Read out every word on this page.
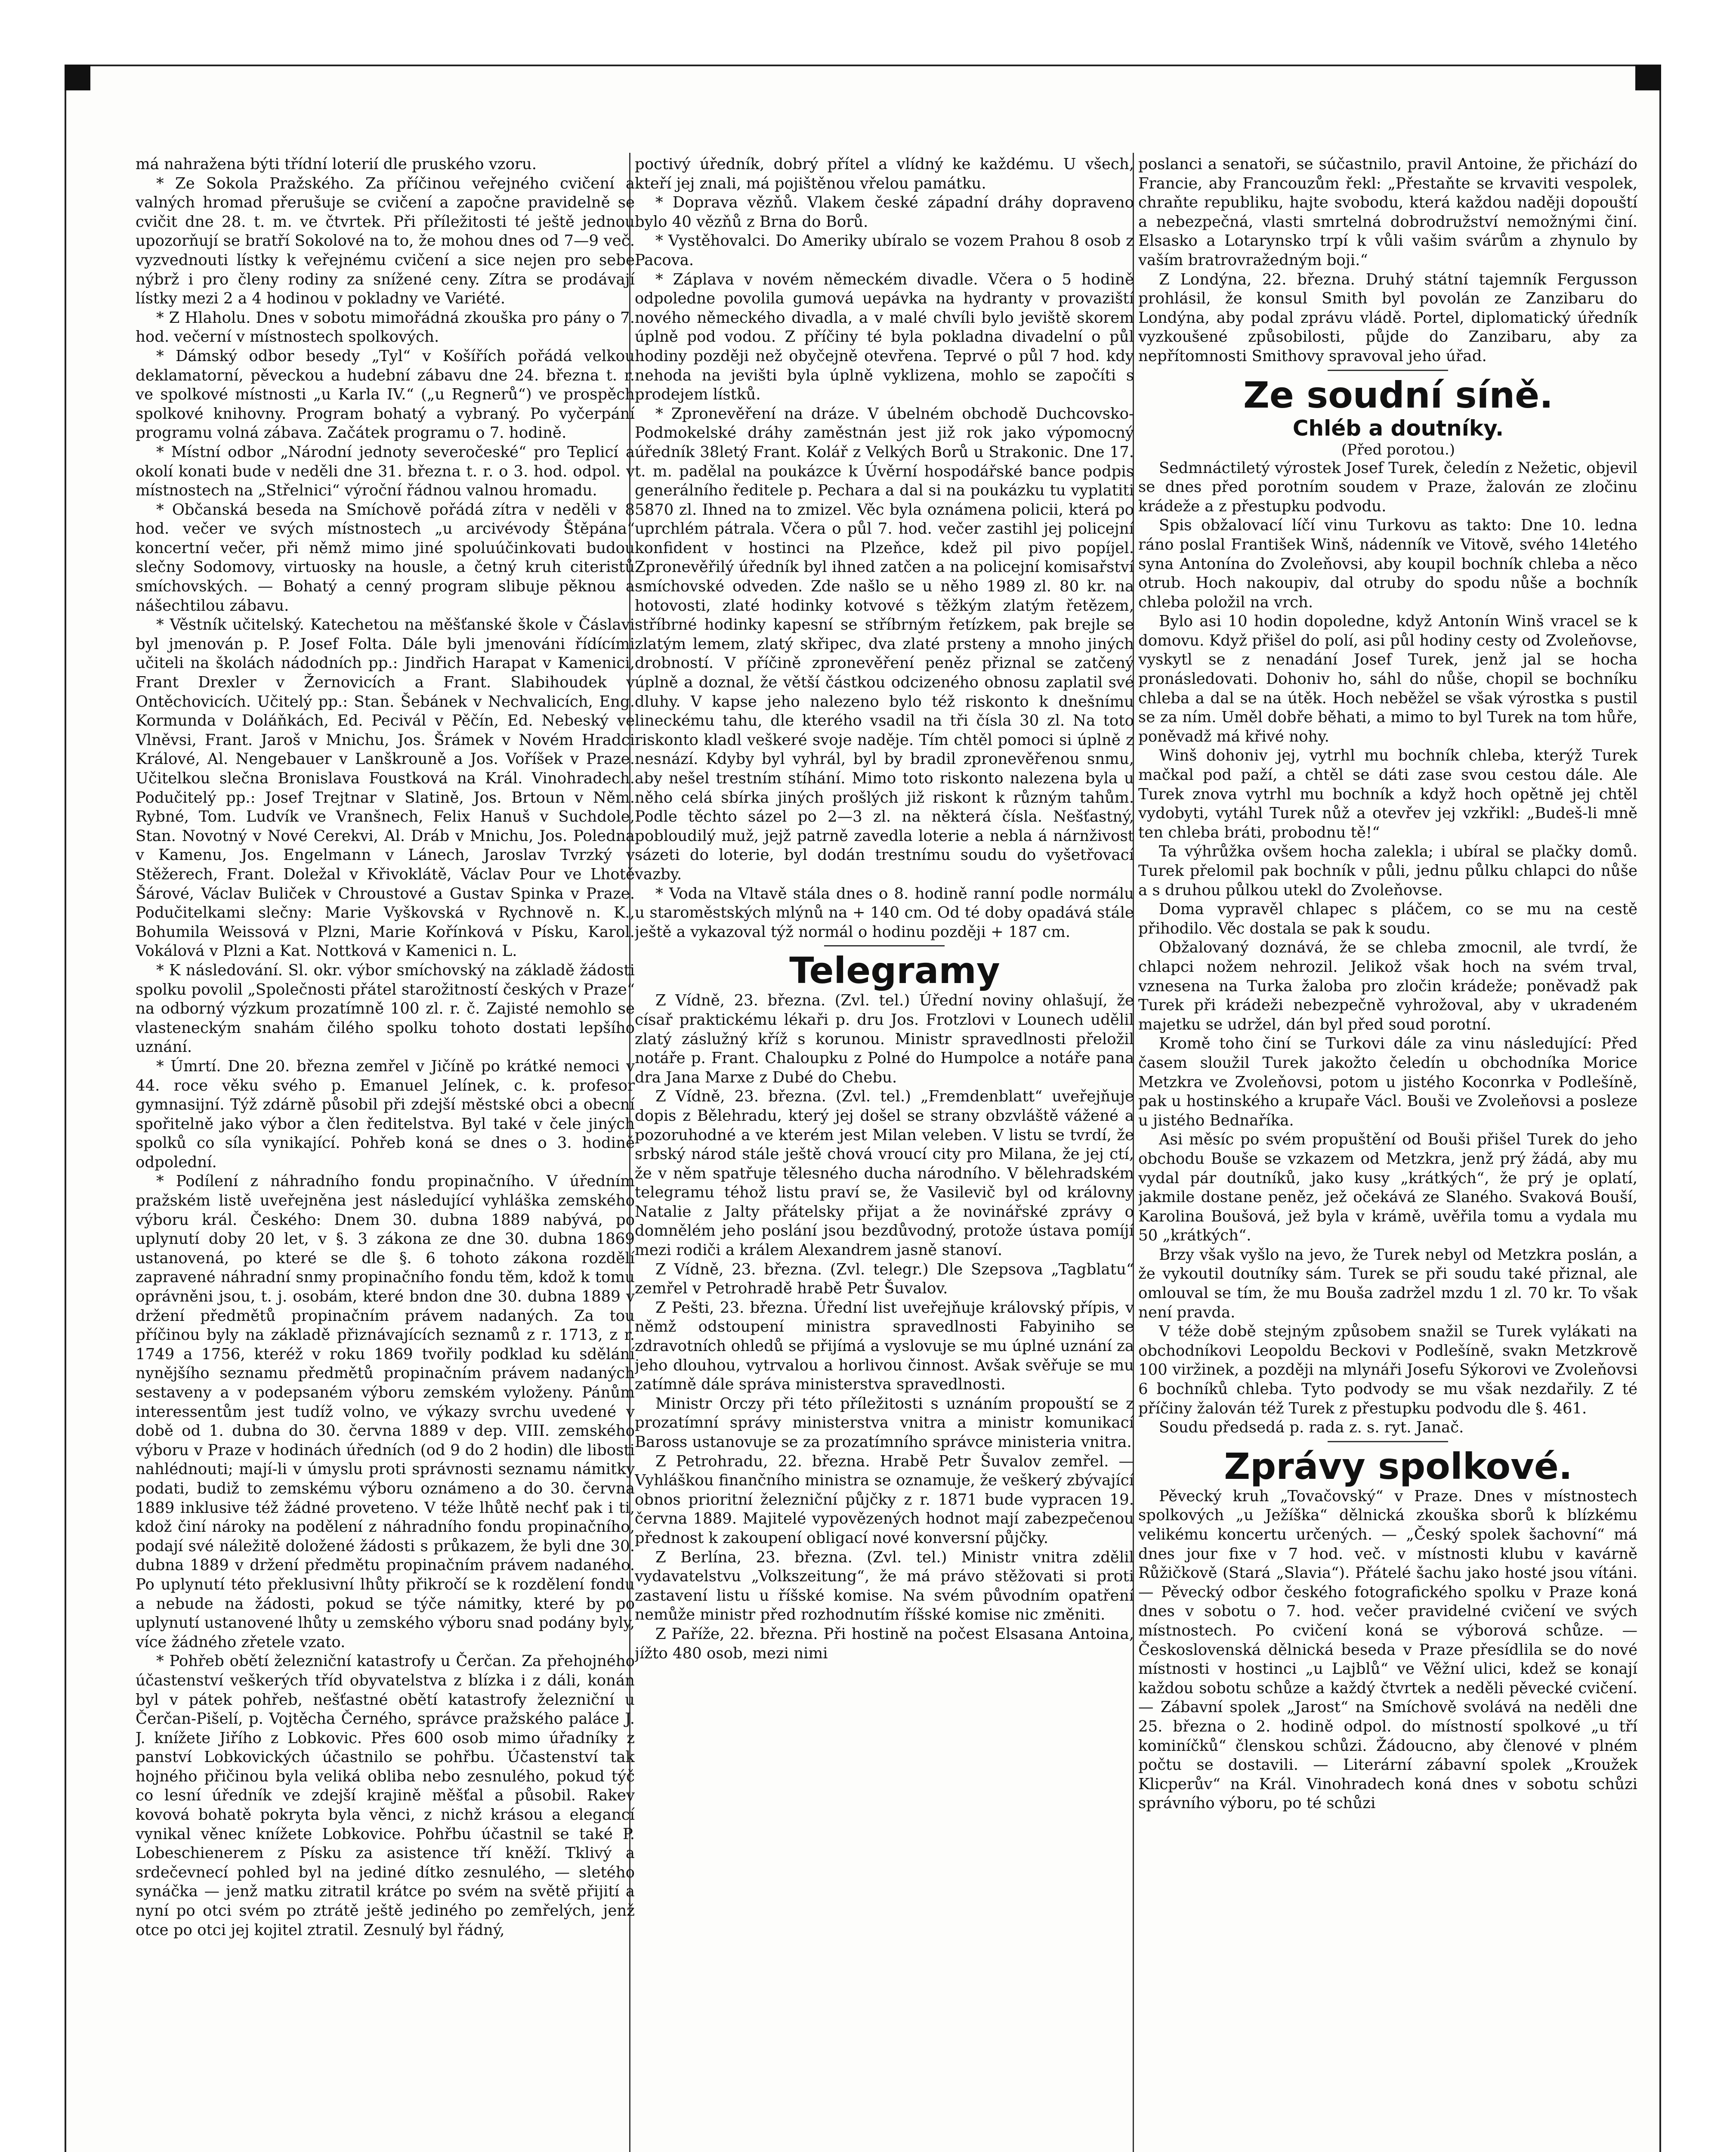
má nahražena býti třídní loterií dle pruského vzoru.

* Ze Sokola Pražského. Za příčinou veřejného cvičení a valných hromad přerušuje se cvičení a započne pravidelně se cvičit dne 28. t. m. ve čtvrtek. Při příležitosti té ještě jednou upozorňují se bratří Sokolové na to, že mohou dnes od 7—9 več. vyzvednouti lístky k veřejnému cvičení a sice nejen pro sebe nýbrž i pro členy rodiny za snížené ceny. Zítra se prodávají lístky mezi 2 a 4 hodinou v pokladny ve Variété.

* Z Hlaholu. Dnes v sobotu mimořádná zkouška pro pány o 7. hod. večerní v místnostech spolkových.

* Dámský odbor besedy „Tyl“ v Košířích pořádá velkou deklamatorní, pěveckou a hudební zábavu dne 24. března t. r. ve spolkové místnosti „u Karla IV.“ („u Regnerů“) ve prospěch spolkové knihovny. Program bohatý a vybraný. Po vyčerpání programu volná zábava. Začátek programu o 7. hodině.

* Místní odbor „Národní jednoty severočeské“ pro Teplicí a okolí konati bude v neděli dne 31. března t. r. o 3. hod. odpol. v místnostech na „Střelnici“ výroční řádnou valnou hromadu.

* Občanská beseda na Smíchově pořádá zítra v neděli v 8 hod. večer ve svých místnostech „u arcivévody Štěpána“ koncertní večer, při němž mimo jiné spoluúčinkovati budou slečny Sodomovy, virtuosky na housle, a četný kruh citeristů smíchovských. — Bohatý a cenný program slibuje pěknou a nášechtilou zábavu.

* Věstník učitelský. Katechetou na měšťanské škole v Čáslavi byl jmenován p. P. Josef Folta. Dále byli jmenováni řídícími učiteli na školách nádodních pp.: Jindřich Harapat v Kamenici, Frant Drexler v Žernovicích a Frant. Slabihoudek v Ontěchovicích. Učitelý pp.: Stan. Šebánek v Nechvalicích, Eng. Kormunda v Doláňkách, Ed. Pecivál v Pěčín, Ed. Nebeský ve Vlněvsi, Frant. Jaroš v Mnichu, Jos. Šrámek v Novém Hradci Králové, Al. Nengebauer v Lanškrouně a Jos. Voříšek v Praze. Učitelkou slečna Bronislava Foustková na Král. Vinohradech. Podučitelý pp.: Josef Trejtnar v Slatině, Jos. Brtoun v Něm. Rybné, Tom. Ludvík ve Vranšnech, Felix Hanuš v Suchdole, Stan. Novotný v Nové Cerekvi, Al. Dráb v Mnichu, Jos. Poledna v Kamenu, Jos. Engelmann v Lánech, Jaroslav Tvrzký v Stěžerech, Frant. Doležal v Křivoklátě, Václav Pour ve Lhotě Šárové, Václav Buliček v Chroustové a Gustav Spinka v Praze. Podučitelkami slečny: Marie Vyškovská v Rychnově n. K., Bohumila Weissová v Plzni, Marie Kořínková v Písku, Karol. Vokálová v Plzni a Kat. Nottková v Kamenici n. L.

* K následování. Sl. okr. výbor smíchovský na základě žádosti spolku povolil „Společnosti přátel starožitností českých v Praze“ na odborný výzkum prozatímně 100 zl. r. č. Zajisté nemohlo se vlasteneckým snahám čilého spolku tohoto dostati lepšího uznání.

* Úmrtí. Dne 20. března zemřel v Jičíně po krátké nemoci v 44. roce věku svého p. Emanuel Jelínek, c. k. profesor gymnasijní. Týž zdárně působil při zdejší městské obci a obecní spořitelně jako výbor a člen ředitelstva. Byl také v čele jiných spolků co síla vynikající. Pohřeb koná se dnes o 3. hodině odpolední.

* Podílení z náhradního fondu propinačního. V úředním pražském listě uveřejněna jest následující vyhláška zemského výboru král. Českého: Dnem 30. dubna 1889 nabývá, po uplynutí doby 20 let, v §. 3 zákona ze dne 30. dubna 1869 ustanovená, po které se dle §. 6 tohoto zákona rozdělí zapravené náhradní snmy propinačního fondu těm, kdož k tomu oprávněni jsou, t. j. osobám, které bndon dne 30. dubna 1889 v držení předmětů propinačním právem nadaných. Za tou příčinou byly na základě přiznávajících seznamů z r. 1713, z r. 1749 a 1756, kteréž v roku 1869 tvořily podklad ku sdělání nynějšího seznamu předmětů propinačním právem nadaných sestaveny a v podepsaném výboru zemském vyloženy. Pánům interessentům jest tudíž volno, ve výkazy svrchu uvedené v době od 1. dubna do 30. června 1889 v dep. VIII. zemského výboru v Praze v hodinách úředních (od 9 do 2 hodin) dle libosti nahlédnouti; mají-li v úmyslu proti správnosti seznamu námitky podati, budiž to zemskému výboru oznámeno a do 30. června 1889 inklusive též žádné proveteno. V téže lhůtě nechť pak i ti, kdož činí nároky na podělení z náhradního fondu propinačního, podají své náležitě doložené žádosti s průkazem, že byli dne 30. dubna 1889 v držení předmětu propinačním právem nadaného. Po uplynutí této překlusivní lhůty přikročí se k rozdělení fondu a nebude na žádosti, pokud se týče námitky, které by po uplynutí ustanovené lhůty u zemského výboru snad podány byly, více žádného zřetele vzato.

* Pohřeb obětí železniční katastrofy u Čerčan. Za přehojného účastenství veškerých tříd obyvatelstva z blízka i z dáli, konán byl v pátek pohřeb, nešťastné obětí katastrofy železniční u Čerčan-Pišelí, p. Vojtěcha Černého, správce pražského paláce J. J. knížete Jiřího z Lobkovic. Přes 600 osob mimo úřadníky z panství Lobkovických účastnilo se pohřbu. Účastenství tak hojného přičinou byla veliká obliba nebo zesnulého, pokud týč co lesní úředník ve zdejší krajině měšťal a působil. Rakev kovová bohatě pokryta byla věnci, z nichž krásou a elegancí vynikal věnec knížete Lobkovice. Pohřbu účastnil se také P. Lobeschienerem z Písku za asistence tří kněží. Tklivý a srdečevnecí pohled byl na jediné dítko zesnulého, — sletého synáčka — jenž matku zitratil krátce po svém na světě přijití a nyní po otci svém po ztrátě ještě jediného po zemřelých, jenž otce po otci jej kojitel ztratil. Zesnulý byl řádný,

poctivý úředník, dobrý přítel a vlídný ke každému. U všech, kteří jej znali, má pojištěnou vřelou památku.

* Doprava vězňů. Vlakem české západní dráhy dopraveno bylo 40 vězňů z Brna do Borů.

* Vystěhovalci. Do Ameriky ubíralo se vozem Prahou 8 osob z Pacova.

* Záplava v novém německém divadle. Včera o 5 hodině odpoledne povolila gumová uepávka na hydranty v provaziští nového německého divadla, a v malé chvíli bylo jeviště skorem úplně pod vodou. Z příčiny té byla pokladna divadelní o půl hodiny později než obyčejně otevřena. Teprvé o půl 7 hod. kdy nehoda na jevišti byla úplně vyklizena, mohlo se započíti s prodejem lístků.

* Zpronevěření na dráze. V úbelném obchodě Duchcovsko-Podmokelské dráhy zaměstnán jest již rok jako výpomocný úředník 38letý Frant. Kolář z Velkých Borů u Strakonic. Dne 17. t. m. padělal na poukázce k Úvěrní hospodářské bance podpis generálního ředitele p. Pechara a dal si na poukázku tu vyplatiti 5870 zl. Ihned na to zmizel. Věc byla oznámena policii, která po uprchlém pátrala. Včera o půl 7. hod. večer zastihl jej policejní konfident v hostinci na Plzeňce, kdež pil pivo popíjel. Zpronevěřilý úředník byl ihned zatčen a na policejní komisařství smíchovské odveden. Zde našlo se u něho 1989 zl. 80 kr. na hotovosti, zlaté hodinky kotvové s těžkým zlatým řetězem, stříbrné hodinky kapesní se stříbrným řetízkem, pak brejle se zlatým lemem, zlatý skřipec, dva zlaté prsteny a mnoho jiných drobností. V příčině zpronevěření peněz přiznal se zatčený úplně a doznal, že větší částkou odcizeného obnosu zaplatil své dluhy. V kapse jeho nalezeno bylo též riskonto k dnešnímu lineckému tahu, dle kterého vsadil na tři čísla 30 zl. Na toto riskonto kladl veškeré svoje naděje. Tím chtěl pomoci si úplně z nesnází. Kdyby byl vyhrál, byl by bradil zpronevěřenou snmu, aby nešel trestním stíhání. Mimo toto riskonto nalezena byla u něho celá sbírka jiných prošlých již riskont k různým tahům. Podle těchto sázel po 2—3 zl. na některá čísla. Nešťastný, pobloudilý muž, jejž patrně zavedla loterie a nebla á nárnživost sázeti do loterie, byl dodán trestnímu soudu do vyšetřovací vazby.

* Voda na Vltavě stála dnes o 8. hodině ranní podle normálu u staroměstských mlýnů na + 140 cm. Od té doby opadává stále ještě a vykazoval týž normál o hodinu později + 187 cm.

Telegramy

Z Vídně, 23. března. (Zvl. tel.) Úřední noviny ohlašují, že císař praktickému lékaři p. dru Jos. Frotzlovi v Lounech udělil zlatý záslužný kříž s korunou. Ministr spravedlnosti přeložil notáře p. Frant. Chaloupku z Polné do Humpolce a notáře pana dra Jana Marxe z Dubé do Chebu.

Z Vídně, 23. března. (Zvl. tel.) „Fremdenblatt“ uveřejňuje dopis z Bělehradu, který jej došel se strany obzvláště vážené a pozoruhodné a ve kterém jest Milan veleben. V listu se tvrdí, že srbský národ stále ještě chová vroucí city pro Milana, že jej ctí, že v něm spatřuje tělesného ducha národního. V bělehradském telegramu téhož listu praví se, že Vasilevič byl od královny Natalie z Jalty přátelsky přijat a že novinářské zprávy o domnělém jeho poslání jsou bezdůvodný, protože ústava pomíjí mezi rodiči a králem Alexandrem jasně stanoví.

Z Vídně, 23. března. (Zvl. telegr.) Dle Szepsova „Tagblatu“ zemřel v Petrohradě hrabě Petr Šuvalov.

Z Pešti, 23. března. Úřední list uveřejňuje královský přípis, v němž odstoupení ministra spravedlnosti Fabyiniho se zdravotních ohledů se přijímá a vyslovuje se mu úplné uznání za jeho dlouhou, vytrvalou a horlivou činnost. Avšak svěřuje se mu zatímně dále správa ministerstva spravedlnosti.

Ministr Orczy při této příležitosti s uznáním propouští se z prozatímní správy ministerstva vnitra a ministr komunikací Baross ustanovuje se za prozatímního správce ministeria vnitra.

Z Petrohradu, 22. března. Hrabě Petr Šuvalov zemřel. — Vyhláškou finančního ministra se oznamuje, že veškerý zbývající obnos prioritní železniční půjčky z r. 1871 bude vypracen 19. června 1889. Majitelé vypovězených hodnot mají zabezpečenou přednost k zakoupení obligací nové konversní půjčky.

Z Berlína, 23. března. (Zvl. tel.) Ministr vnitra zdělil vydavatelstvu „Volkszeitung“, že má právo stěžovati si proti zastavení listu u říšské komise. Na svém původním opatření nemůže ministr před rozhodnutím říšské komise nic změniti.

Z Paříže, 22. března. Při hostině na počest Elsasana Antoina, jížto 480 osob, mezi nimi

poslanci a senatoři, se súčastnilo, pravil Antoine, že přichází do Francie, aby Francouzům řekl: „Přestaňte se krvaviti vespolek, chraňte republiku, hajte svobodu, která každou naději dopouští a nebezpečná, vlasti smrtelná dobrodružství nemožnými činí. Elsasko a Lotarynsko trpí k vůli vašim svárům a zhynulo by vaším bratrovražedným boji.“

Z Londýna, 22. března. Druhý státní tajemník Fergusson prohlásil, že konsul Smith byl povolán ze Zanzibaru do Londýna, aby podal zprávu vládě. Portel, diplomatický úředník vyzkoušené způsobilosti, půjde do Zanzibaru, aby za nepřítomnosti Smithovy spravoval jeho úřad.

Ze soudní síně.

Chléb a doutníky.

(Před porotou.)

Sedmnáctiletý výrostek Josef Turek, čeledín z Nežetic, objevil se dnes před porotním soudem v Praze, žalován ze zločinu krádeže a z přestupku podvodu.

Spis obžalovací líčí vinu Turkovu as takto: Dne 10. ledna ráno poslal František Winš, nádenník ve Vitově, svého 14letého syna Antonína do Zvoleňovsi, aby koupil bochník chleba a něco otrub. Hoch nakoupiv, dal otruby do spodu nůše a bochník chleba položil na vrch.

Bylo asi 10 hodin dopoledne, když Antonín Winš vracel se k domovu. Když přišel do polí, asi půl hodiny cesty od Zvoleňovse, vyskytl se z nenadání Josef Turek, jenž jal se hocha pronásledovati. Dohoniv ho, sáhl do nůše, chopil se bochníku chleba a dal se na útěk. Hoch neběžel se však výrostka s pustil se za ním. Uměl dobře běhati, a mimo to byl Turek na tom hůře, poněvadž má křivé nohy.

Winš dohoniv jej, vytrhl mu bochník chleba, kterýž Turek mačkal pod paží, a chtěl se dáti zase svou cestou dále. Ale Turek znova vytrhl mu bochník a když hoch opětně jej chtěl vydobyti, vytáhl Turek nůž a otevřev jej vzkřikl: „Budeš-li mně ten chleba bráti, probodnu tě!“

Ta výhrůžka ovšem hocha zalekla; i ubíral se plačky domů. Turek přelomil pak bochník v půli, jednu půlku chlapci do nůše a s druhou půlkou utekl do Zvoleňovse.

Doma vypravěl chlapec s pláčem, co se mu na cestě přihodilo. Věc dostala se pak k soudu.

Obžalovaný doznává, že se chleba zmocnil, ale tvrdí, že chlapci nožem nehrozil. Jelikož však hoch na svém trval, vznesena na Turka žaloba pro zločin krádeže; poněvadž pak Turek při krádeži nebezpečně vyhrožoval, aby v ukradeném majetku se udržel, dán byl před soud porotní.

Kromě toho činí se Turkovi dále za vinu následující: Před časem sloužil Turek jakožto čeledín u obchodníka Morice Metzkra ve Zvoleňovsi, potom u jistého Koconrka v Podlešíně, pak u hostinského a krupaře Václ. Bouši ve Zvoleňovsi a posleze u jistého Bednaříka.

Asi měsíc po svém propuštění od Bouši přišel Turek do jeho obchodu Bouše se vzkazem od Metzkra, jenž prý žádá, aby mu vydal pár doutníků, jako kusy „krátkých“, že prý je oplatí, jakmile dostane peněz, jež očekává ze Slaného. Svaková Bouší, Karolina Boušová, jež byla v krámě, uvěřila tomu a vydala mu 50 „krátkých“.

Brzy však vyšlo na jevo, že Turek nebyl od Metzkra poslán, a že vykoutil doutníky sám. Turek se při soudu také přiznal, ale omlouval se tím, že mu Bouša zadržel mzdu 1 zl. 70 kr. To však není pravda.

V téže době stejným způsobem snažil se Turek vylákati na obchodníkovi Leopoldu Beckovi v Podlešíně, svakn Metzkrově 100 viržinek, a později na mlynáři Josefu Sýkorovi ve Zvoleňovsi 6 bochníků chleba. Tyto podvody se mu však nezdařily. Z té příčiny žalován též Turek z přestupku podvodu dle §. 461.

Soudu předsedá p. rada z. s. ryt. Janač.

Zprávy spolkové.

Pěvecký kruh „Tovačovský“ v Praze. Dnes v místnostech spolkových „u Ježíška“ dělnická zkouška sborů k blízkému velikému koncertu určených. — „Český spolek šachovní“ má dnes jour fixe v 7 hod. več. v místnosti klubu v kavárně Růžičkově (Stará „Slavia“). Přátelé šachu jako hosté jsou vítáni. — Pěvecký odbor českého fotografického spolku v Praze koná dnes v sobotu o 7. hod. večer pravidelné cvičení ve svých místnostech. Po cvičení koná se výborová schůze. — Československá dělnická beseda v Praze přesídlila se do nové místnosti v hostinci „u Lajblů“ ve Věžní ulici, kdež se konají každou sobotu schůze a každý čtvrtek a neděli pěvecké cvičení. — Zábavní spolek „Jarost“ na Smíchově svolává na neděli dne 25. března o 2. hodině odpol. do místností spolkové „u tří kominíčků“ členskou schůzi. Žádoucno, aby členové v plném počtu se dostavili. — Literární zábavní spolek „Kroužek Klicperův“ na Král. Vinohradech koná dnes v sobotu schůzi správního výboru, po té schůzi
